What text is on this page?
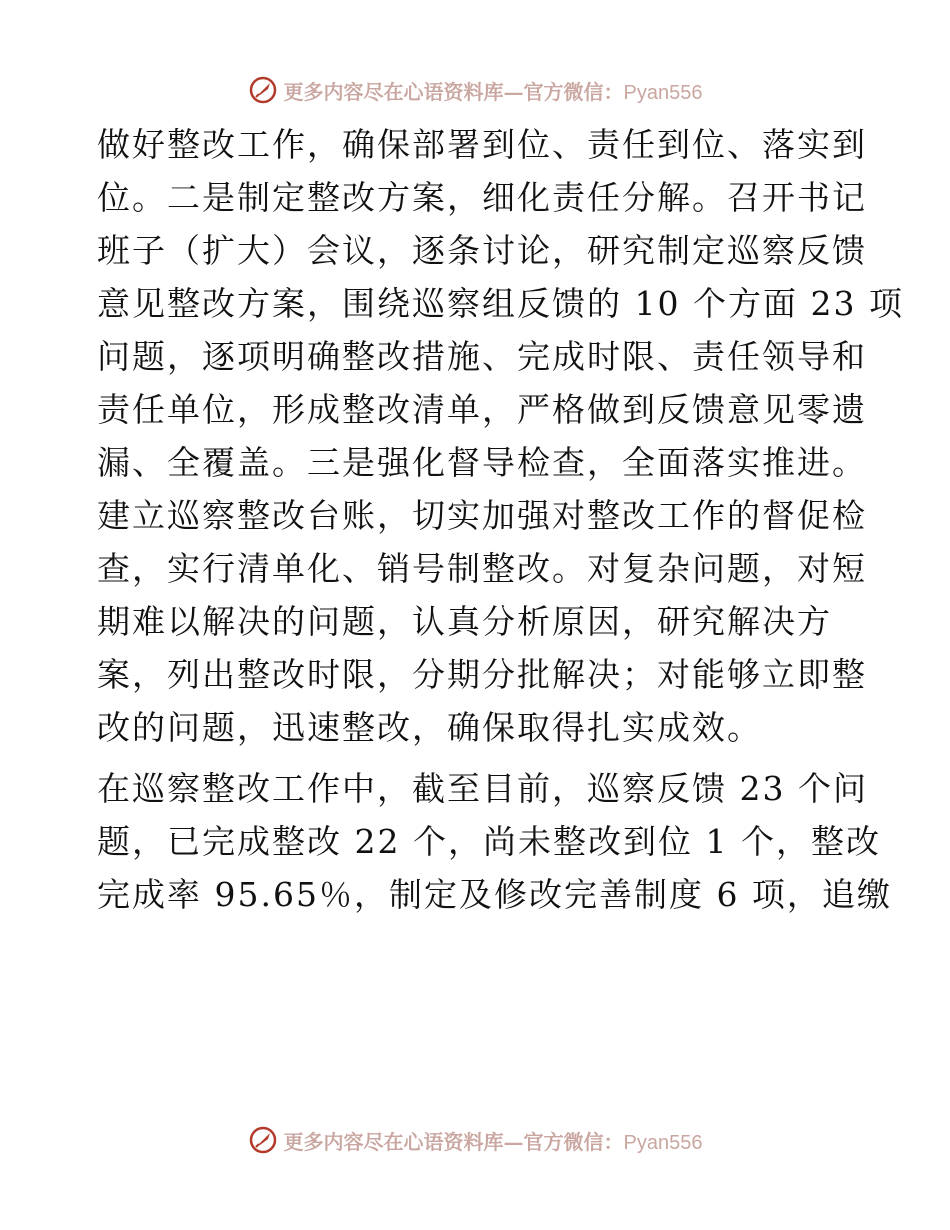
更多内容尽在心语资料库—官方微信：Pyan556

做好整改工作，确保部署到位、责任到位、落实到
位。二是制定整改方案，细化责任分解。召开书记
班子（扩大）会议，逐条讨论，研究制定巡察反馈
意见整改方案，围绕巡察组反馈的 10 个方面 23 项
问题，逐项明确整改措施、完成时限、责任领导和
责任单位，形成整改清单，严格做到反馈意见零遗
漏、全覆盖。三是强化督导检查，全面落实推进。
建立巡察整改台账，切实加强对整改工作的督促检
查，实行清单化、销号制整改。对复杂问题，对短
期难以解决的问题，认真分析原因，研究解决方
案，列出整改时限，分期分批解决；对能够立即整
改的问题，迅速整改，确保取得扎实成效。

在巡察整改工作中，截至目前，巡察反馈 23 个问
题，已完成整改 22 个，尚未整改到位 1 个，整改
完成率 95.65％，制定及修改完善制度 6 项，追缴

更多内容尽在心语资料库—官方微信：Pyan556
